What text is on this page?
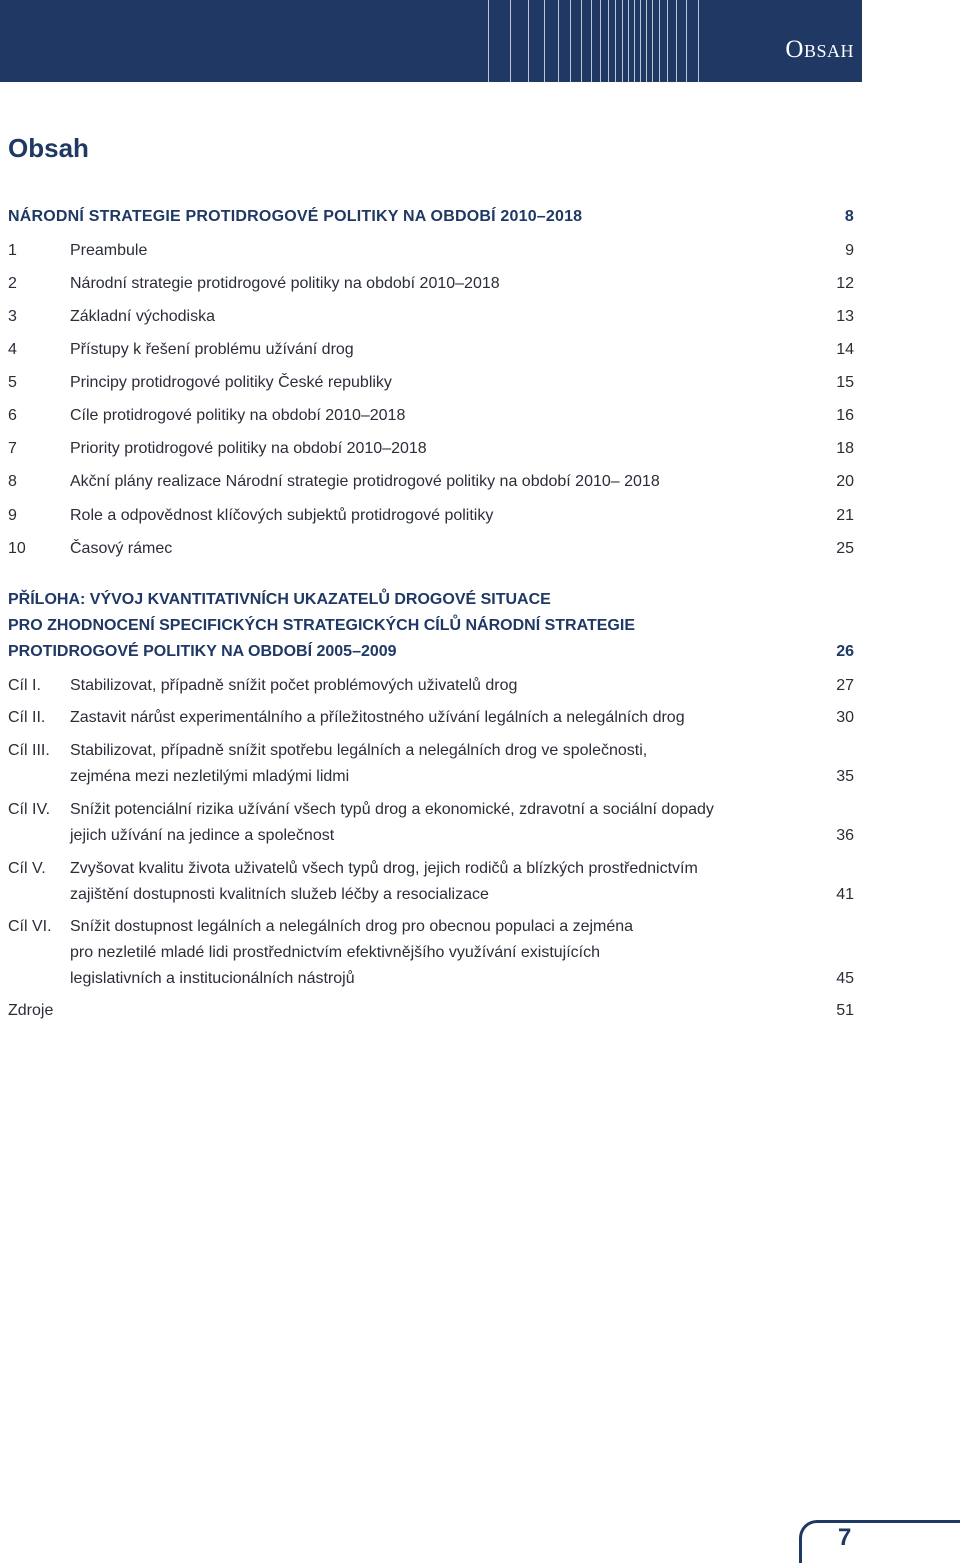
Obsah
Obsah
NÁRODNÍ STRATEGIE PROTIDROGOVÉ POLITIKY NA OBDOBÍ 2010–2018	8
1	Preambule	9
2	Národní strategie protidrogové politiky na období 2010–2018	12
3	Základní východiska	13
4	Přístupy k řešení problému užívání drog	14
5	Principy protidrogové politiky České republiky	15
6	Cíle protidrogové politiky na období 2010–2018	16
7	Priority protidrogové politiky na období 2010–2018	18
8	Akční plány realizace Národní strategie protidrogové politiky na období 2010– 2018	20
9	Role a odpovědnost klíčových subjektů protidrogové politiky	21
10	Časový rámec	25
PŘÍLOHA: VÝVOJ KVANTITATIVNÍCH UKAZATELŮ DROGOVÉ SITUACE
PRO ZHODNOCENÍ SPECIFICKÝCH STRATEGICKÝCH CÍLŮ NÁRODNÍ STRATEGIE
PROTIDROGOVÉ POLITIKY NA OBDOBÍ 2005–2009	26
Cíl I. Stabilizovat, případně snížit počet problémových uživatelů drog	27
Cíl II. Zastavit nárůst experimentálního a příležitostného užívání legálních a nelegálních drog	30
Cíl III. Stabilizovat, případně snížit spotřebu legálních a nelegálních drog ve společnosti,
zejména mezi nezletilými mladými lidmi	35
Cíl IV. Snížit potenciální rizika užívání všech typů drog a ekonomické, zdravotní a sociální dopady
jejich užívání na jedince a společnost	36
Cíl V. Zvyšovat kvalitu života uživatelů všech typů drog, jejich rodičů a blízkých prostřednictvím
zajištění dostupnosti kvalitních služeb léčby a resocializace	41
Cíl VI. Snížit dostupnost legálních a nelegálních drog pro obecnou populaci a zejména
pro nezletilé mladé lidi prostřednictvím efektivnějšího využívání existujících
legislativních a institucionálních nástrojů	45
Zdroje	51
7
